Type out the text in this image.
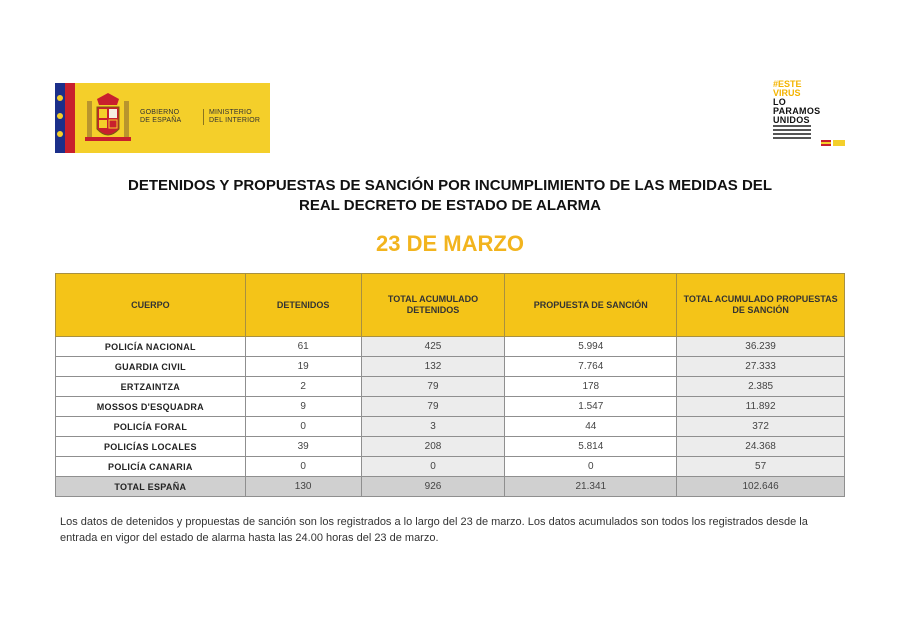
GOBIERNO
DE ESPAÑA
MINISTERIO
DEL INTERIOR
#ESTE
VIRUS
LO
PARAMOS
UNIDOS
DETENIDOS Y PROPUESTAS DE SANCIÓN POR INCUMPLIMIENTO DE LAS MEDIDAS DEL
REAL DECRETO DE ESTADO DE ALARMA
23 DE MARZO
CUERPO	DETENIDOS	TOTAL ACUMULADO DETENIDOS	PROPUESTA DE SANCIÓN	TOTAL ACUMULADO PROPUESTAS DE SANCIÓN
POLICÍA NACIONAL	61	425	5.994	36.239
GUARDIA CIVIL	19	132	7.764	27.333
ERTZAINTZA	2	79	178	2.385
MOSSOS D'ESQUADRA	9	79	1.547	11.892
POLICÍA FORAL	0	3	44	372
POLICÍAS LOCALES	39	208	5.814	24.368
POLICÍA CANARIA	0	0	0	57
TOTAL ESPAÑA	130	926	21.341	102.646
Los datos de detenidos y propuestas de sanción son los registrados a lo largo del 23 de marzo. Los datos acumulados son todos los registrados desde la entrada en vigor del estado de alarma hasta las 24.00 horas del 23 de marzo.
